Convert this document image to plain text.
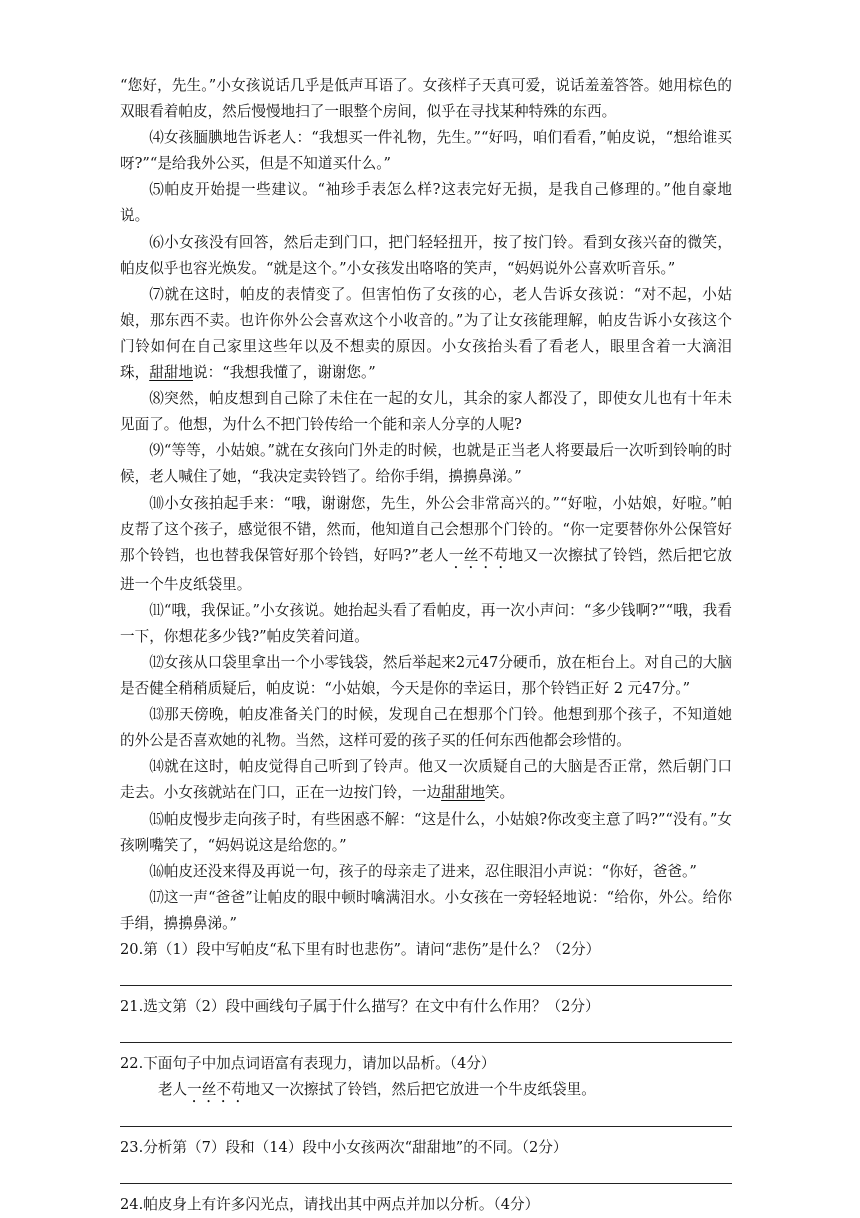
“您好，先生。”小女孩说话几乎是低声耳语了。女孩样子天真可爱，说话羞羞答答。她用棕色的双眼看着帕皮，然后慢慢地扫了一眼整个房间，似乎在寻找某种特殊的东西。

⑷女孩腼腆地告诉老人：“我想买一件礼物，先生。”“好吗，咱们看看，”帕皮说，“想给谁买呀?”“是给我外公买，但是不知道买什么。”

⑸帕皮开始提一些建议。“袖珍手表怎么样?这表完好无损，是我自己修理的。”他自豪地说。

⑹小女孩没有回答，然后走到门口，把门轻轻扭开，按了按门铃。看到女孩兴奋的微笑，帕皮似乎也容光焕发。“就是这个。”小女孩发出咯咯的笑声，“妈妈说外公喜欢听音乐。”

⑺就在这时，帕皮的表情变了。但害怕伤了女孩的心，老人告诉女孩说：“对不起，小姑娘，那东西不卖。也许你外公会喜欢这个小收音的。”为了让女孩能理解，帕皮告诉小女孩这个门铃如何在自己家里这些年以及不想卖的原因。小女孩抬头看了看老人，眼里含着一大滴泪珠，甜甜地说：“我想我懂了，谢谢您。”

⑻突然，帕皮想到自己除了未住在一起的女儿，其余的家人都没了，即使女儿也有十年未见面了。他想，为什么不把门铃传给一个能和亲人分享的人呢?

⑼“等等，小姑娘。”就在女孩向门外走的时候，也就是正当老人将要最后一次听到铃响的时候，老人喊住了她，“我决定卖铃铛了。给你手绢，擤擤鼻涕。”

⑽小女孩拍起手来：“哦，谢谢您，先生，外公会非常高兴的。”“好啦，小姑娘，好啦。”帕皮帮了这个孩子，感觉很不错，然而，他知道自己会想那个门铃的。“你一定要替你外公保管好那个铃铛，也也替我保管好那个铃铛，好吗?”老人一丝不苟地又一次擦拭了铃铛，然后把它放进一个牛皮纸袋里。

⑾“哦，我保证。”小女孩说。她抬起头看了看帕皮，再一次小声问：“多少钱啊?”“哦，我看一下，你想花多少钱?”帕皮笑着问道。

⑿女孩从口袋里拿出一个小零钱袋，然后举起来2元47分硬币，放在柜台上。对自己的大脑是否健全稍稍质疑后，帕皮说：“小姑娘，今天是你的幸运日，那个铃铛正好 2 元47分。”

⒀那天傍晚，帕皮准备关门的时候，发现自己在想那个门铃。他想到那个孩子，不知道她的外公是否喜欢她的礼物。当然，这样可爱的孩子买的任何东西他都会珍惜的。

⒁就在这时，帕皮觉得自己听到了铃声。他又一次质疑自己的大脑是否正常，然后朝门口走去。小女孩就站在门口，正在一边按门铃，一边甜甜地笑。

⒂帕皮慢步走向孩子时，有些困惑不解：“这是什么，小姑娘?你改变主意了吗?”“没有。”女孩咧嘴笑了，“妈妈说这是给您的。”

⒃帕皮还没来得及再说一句，孩子的母亲走了进来，忍住眼泪小声说：“你好，爸爸。”

⒄这一声“爸爸”让帕皮的眼中顿时噙满泪水。小女孩在一旁轻轻地说：“给你，外公。给你手绢，擤擤鼻涕。”

20.第（1）段中写帕皮“私下里有时也悲伤”。请问“悲伤”是什么？（2分）

21.选文第（2）段中画线句子属于什么描写？在文中有什么作用？（2分）

22.下面句子中加点词语富有表现力，请加以品析。（4分）

老人一丝不苟地又一次擦拭了铃铛，然后把它放进一个牛皮纸袋里。

23.分析第（7）段和（14）段中小女孩两次“甜甜地”的不同。（2分）

24.帕皮身上有许多闪光点，请找出其中两点并加以分析。（4分）
